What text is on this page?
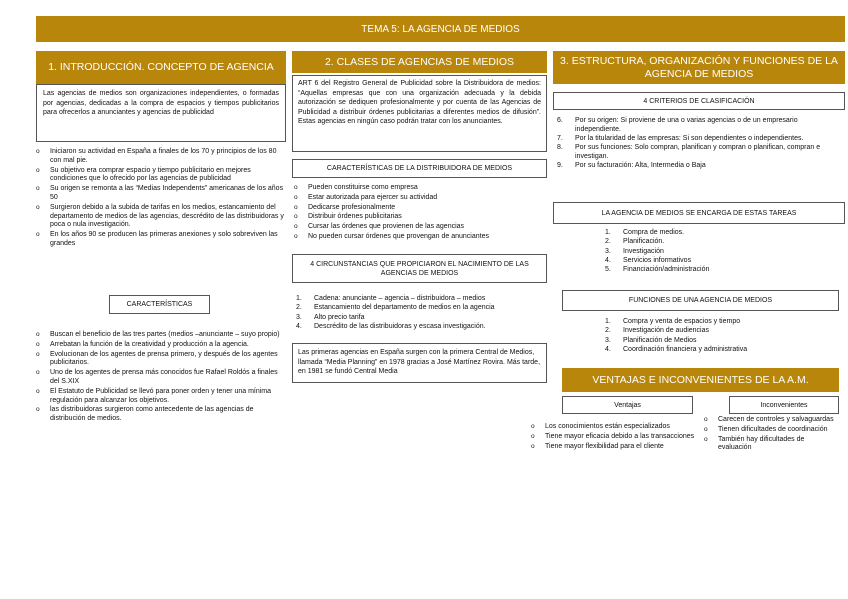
TEMA 5: LA AGENCIA DE MEDIOS
1. INTRODUCCIÓN. CONCEPTO DE AGENCIA
Las agencias de medios son organizaciones independientes, o formadas por agencias, dedicadas a la compra de espacios y tiempos publicitarios para ofrecerlos a anunciantes y agencias de publicidad
o Iniciaron su actividad en España a finales de los 70 y principios de los 80 con mal pie.
o Su objetivo era comprar espacio y tiempo publicitario en mejores condiciones que lo ofrecido por las agencias de publicidad
o Su origen se remonta a las “Medias Independents” americanas de los años 50
o Surgieron debido a la subida de tarifas en los medios, estancamiento del departamento de medios de las agencias, descrédito de las distribuidoras y poca o nula investigación.
o En los años 90 se producen las primeras anexiones y solo sobreviven las grandes
CARACTERÍSTICAS
o Buscan el beneficio de las tres partes (medios –anunciante – suyo propio)
o Arrebatan la función de la creatividad y producción a la agencia.
o Evolucionan de los agentes de prensa primero, y después de los agentes publicitarios.
o Uno de los agentes de prensa más conocidos fue Rafael Roldós a finales del S.XIX
o El Estatuto de Publicidad se llevó para poner orden y tener una mínima regulación para alcanzar los objetivos.
o las distribuidoras surgieron como antecedente de las agencias de distribución de medios.
2. CLASES DE AGENCIAS DE MEDIOS
ART 6 del Registro General de Publicidad sobre la Distribuidora de medios: “Aquellas empresas que con una organización adecuada y la debida autorización se dediquen profesionalmente y por cuenta de las Agencias de Publicidad a distribuir órdenes publicitarias a diferentes medios de difusión”. Estas agencias en ningún caso podrán tratar con los anunciantes.
CARACTERÍSTICAS DE LA DISTRIBUIDORA DE MEDIOS
o Pueden constituirse como empresa
o Estar autorizada para ejercer su actividad
o Dedicarse profesionalmente
o Distribuir órdenes publicitarias
o Cursar las órdenes que provienen de las agencias
o No pueden cursar órdenes que provengan de anunciantes
4 CIRCUNSTANCIAS QUE PROPICIARON EL NACIMIENTO DE LAS AGENCIAS DE MEDIOS
1. Cadena: anunciante – agencia – distribuidora – medios
2. Estancamiento del departamento de medios en la agencia
3. Alto precio tarifa
4. Descrédito de las distribuidoras y escasa investigación.
Las primeras agencias en España surgen con la primera Central de Medios, llamada “Media Planning” en 1978 gracias a José Martínez Rovira. Más tarde, en 1981 se fundó Central Media
3. ESTRUCTURA, ORGANIZACIÓN Y FUNCIONES DE LA AGENCIA DE MEDIOS
4 CRITERIOS DE CLASIFICACIÓN
6. Por su origen: Si proviene de una o varias agencias o de un empresario independiente.
7. Por la titularidad de las empresas: Si son dependientes o independientes.
8. Por sus funciones: Solo compran, planifican y compran o planifican, compran e investigan.
9. Por su facturación: Alta, Intermedia o Baja
LA AGENCIA DE MEDIOS SE ENCARGA DE ESTAS TAREAS
1. Compra de medios.
2. Planificación.
3. Investigación
4. Servicios informativos
5. Financiación/administración
FUNCIONES DE UNA AGENCIA DE MEDIOS
1. Compra y venta de espacios y tiempo
2. Investigación de audiencias
3. Planificación de Medios
4. Coordinación financiera y administrativa
VENTAJAS E INCONVENIENTES DE LA A.M.
Ventajas	Inconvenientes
o Los conocimientos están especializados
o Tiene mayor eficacia debido a las transacciones
o Tiene mayor flexibilidad para el cliente
o Carecen de controles y salvaguardas
o Tienen dificultades de coordinación
o También hay dificultades de evaluación
